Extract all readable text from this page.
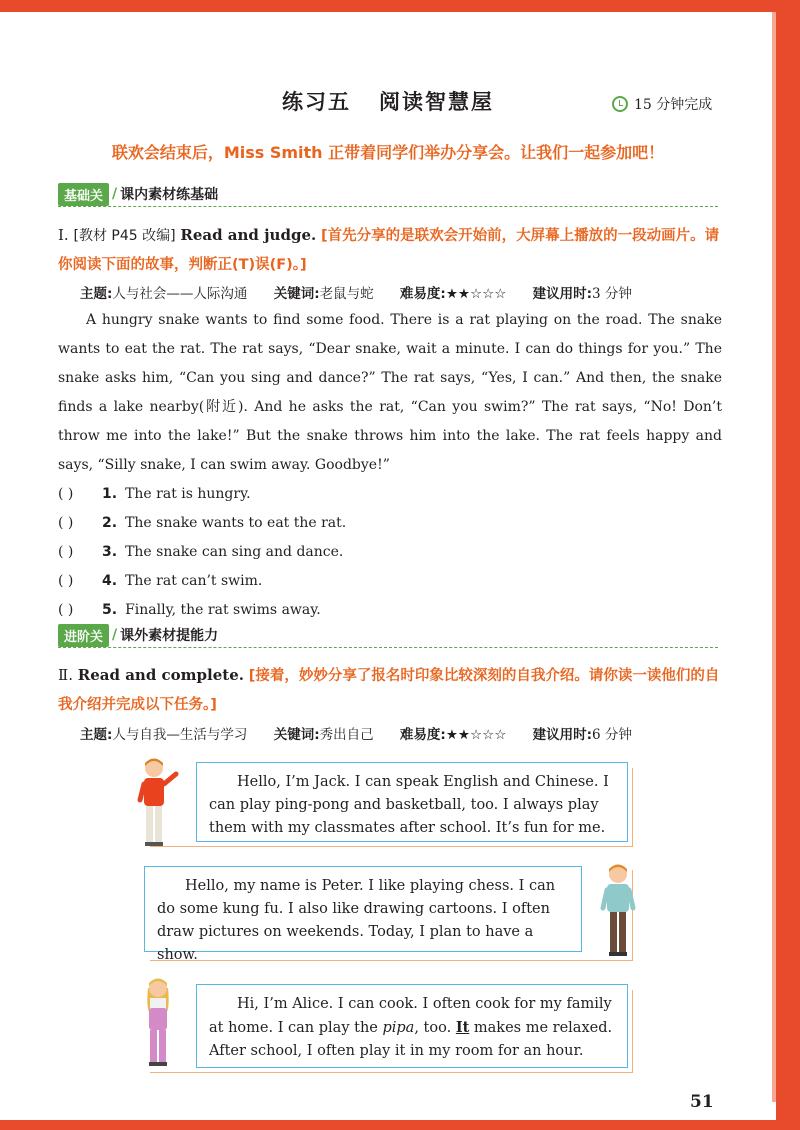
练习五 阅读智慧屋	15 分钟完成
联欢会结束后，Miss Smith 正带着同学们举办分享会。让我们一起参加吧！
基础关 / 课内素材练基础
Ⅰ. [教材 P45 改编] Read and judge. [首先分享的是联欢会开始前，大屏幕上播放的一段动画片。请你阅读下面的故事，判断正(T)误(F)。]
主题:人与社会——人际沟通 关键词:老鼠与蛇 难易度:★★☆☆☆ 建议用时:3 分钟

A hungry snake wants to find some food. There is a rat playing on the road. The snake wants to eat the rat. The rat says, “Dear snake, wait a minute. I can do things for you.” The snake asks him, “Can you sing and dance?” The rat says, “Yes, I can.” And then, the snake finds a lake nearby(附近). And he asks the rat, “Can you swim?” The rat says, “No! Don’t throw me into the lake!” But the snake throws him into the lake. The rat feels happy and says, “Silly snake, I can swim away. Goodbye!”

( )	1. The rat is hungry.
( )	2. The snake wants to eat the rat.
( )	3. The snake can sing and dance.
( )	4. The rat can’t swim.
( )	5. Finally, the rat swims away.
进阶关 / 课外素材提能力
Ⅱ. Read and complete. [接着，妙妙分享了报名时印象比较深刻的自我介绍。请你读一读他们的自我介绍并完成以下任务。]
主题:人与自我—生活与学习 关键词:秀出自己 难易度:★★☆☆☆ 建议用时:6 分钟

Hello, I’m Jack. I can speak English and Chinese. I can play ping-pong and basketball, too. I always play them with my classmates after school. It’s fun for me.

Hello, my name is Peter. I like playing chess. I can do some kung fu. I also like drawing cartoons. I often draw pictures on weekends. Today, I plan to have a show.

Hi, I’m Alice. I can cook. I often cook for my family at home. I can play the pipa, too. It makes me relaxed. After school, I often play it in my room for an hour.

51
